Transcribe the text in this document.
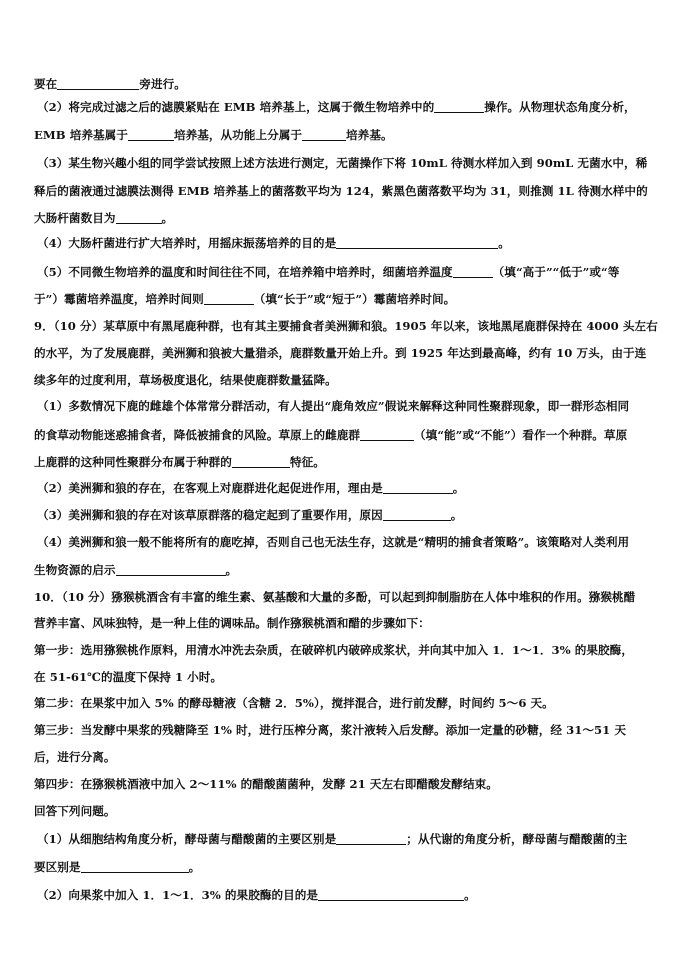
要在	旁进行。
（2）将完成过滤之后的滤膜紧贴在 EMB 培养基上，这属于微生物培养中的	操作。从物理状态角度分析，
EMB 培养基属于	培养基，从功能上分属于	培养基。
（3）某生物兴趣小组的同学尝试按照上述方法进行测定，无菌操作下将 10mL 待测水样加入到 90mL 无菌水中，稀
释后的菌液通过滤膜法测得 EMB 培养基上的菌落数平均为 124，紫黑色菌落数平均为 31，则推测 1L 待测水样中的
大肠杆菌数目为	。
（4）大肠杆菌进行扩大培养时，用摇床振荡培养的目的是	。
（5）不同微生物培养的温度和时间往往不同，在培养箱中培养时，细菌培养温度	（填“高于”“低于”或“等
于”）霉菌培养温度，培养时间则	（填“长于”或“短于”）霉菌培养时间。
9．（10 分）某草原中有黑尾鹿种群，也有其主要捕食者美洲狮和狼。1905 年以来，该地黑尾鹿群保持在 4000 头左右
的水平，为了发展鹿群，美洲狮和狼被大量猎杀，鹿群数量开始上升。到 1925 年达到最高峰，约有 10 万头，由于连
续多年的过度利用，草场极度退化，结果使鹿群数量猛降。
（1）多数情况下鹿的雌雄个体常常分群活动，有人提出“鹿角效应”假说来解释这种同性聚群现象，即一群形态相同
的食草动物能迷惑捕食者，降低被捕食的风险。草原上的雌鹿群	（填“能”或“不能”）看作一个种群。草原
上鹿群的这种同性聚群分布属于种群的	特征。
（2）美洲狮和狼的存在，在客观上对鹿群进化起促进作用，理由是	。
（3）美洲狮和狼的存在对该草原群落的稳定起到了重要作用，原因	。
（4）美洲狮和狼一般不能将所有的鹿吃掉，否则自己也无法生存，这就是“精明的捕食者策略”。该策略对人类利用
生物资源的启示	。
10．（10 分）猕猴桃酒含有丰富的维生素、氨基酸和大量的多酚，可以起到抑制脂肪在人体中堆积的作用。猕猴桃醋
营养丰富、风味独特，是一种上佳的调味品。制作猕猴桃酒和醋的步骤如下：
第一步：选用猕猴桃作原料，用清水冲洗去杂质，在破碎机内破碎成浆状，并向其中加入 1．1～1．3% 的果胶酶，
在 51-61℃的温度下保持 1 小时。
第二步：在果浆中加入 5% 的酵母糖液（含糖 2．5%），搅拌混合，进行前发酵，时间约 5～6 天。
第三步：当发酵中果浆的残糖降至 1% 时，进行压榨分离，浆汁液转入后发酵。添加一定量的砂糖，经 31～51 天
后，进行分离。
第四步：在猕猴桃酒液中加入 2～11% 的醋酸菌菌种，发酵 21 天左右即醋酸发酵结束。
回答下列问题。
（1）从细胞结构角度分析，酵母菌与醋酸菌的主要区别是	；从代谢的角度分析，酵母菌与醋酸菌的主
要区别是	。
（2）向果浆中加入 1．1～1．3% 的果胶酶的目的是	。
